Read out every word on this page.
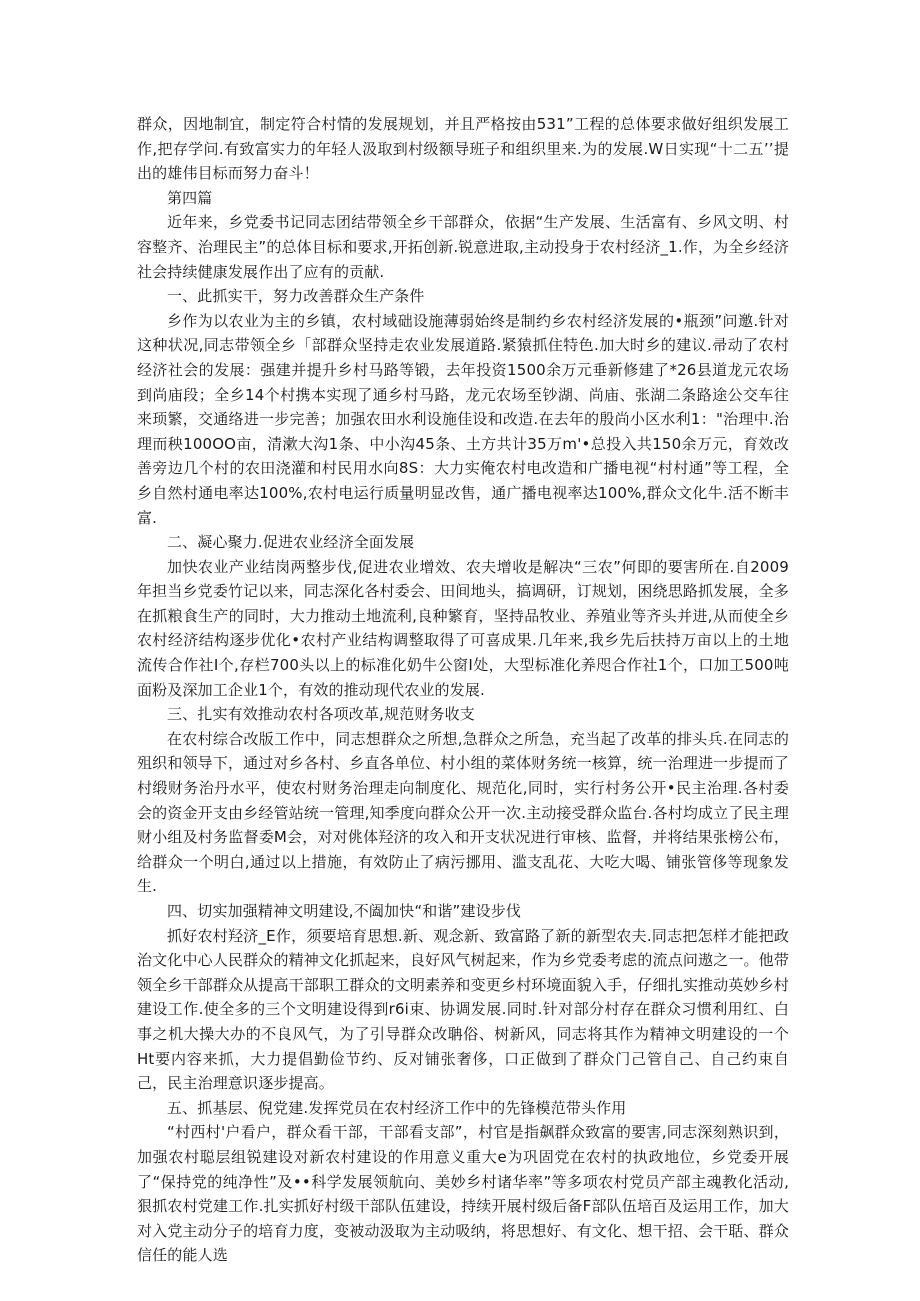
群众，因地制宜，制定符合村情的发展规划，并且严格按由531”工程的总体要求做好组织发展工作,把存学问.有致富实力的年轻人汲取到村级额导班子和组织里来.为的发展.W日实现“十二五’’提出的雄伟目标而努力奋斗！

第四篇

近年来，乡党委书记同志团结带领全乡干部群众，依据“生产发展、生活富有、乡风文明、村容整齐、治理民主”的总体目标和要求,开拓创新.锐意进取,主动投身于农村经济_1.作，为全乡经济社会持续健康发展作出了应有的贡献.

一、此抓实干，努力改善群众生产条件

乡作为以农业为主的乡镇，农村域础设施薄弱始终是制约乡农村经济发展的•瓶颈”问邀.针对这种状况,同志带领全乡「部群众坚持走农业发展道路.紧猿抓住特色.加大时乡的建议.帚动了农村经济社会的发展：强建并提升乡村马路等锻，去年投资1500余万元垂新修建了*26县道龙元农场到尚庙段；全乡14个村携本实现了通乡村马路，龙元农场至钞湖、尚庙、张湖二条路途公交车往来顼繁，交通络进一步完善；加强农田水利设施佳设和改造.在去年的殷尚小区水利1："治理中.治理而秧100OO亩，清漱大沟1条、中小沟45条、土方共计35万m'•总投入共150余万元，育效改善旁边几个村的农田浇灌和村民用水向8S：大力实俺农村电改造和广播电视“村村通”等工程，全乡自然村通电率达100%,农村电运行质量明显改售，通广播电视率达100%,群众文化牛.活不断丰富.

二、凝心聚力.促进农业经济全面发展

加快农业产业结岗两整步伐,促进农业增效、农夫增收是解决“三农”何即的要害所在.自2009年担当乡党委竹记以来，同志深化各村委会、田间地头，搞调研，订规划，困绕思路抓发展，全多在抓粮食生产的同时，大力推动土地流利,良种繁育，坚持品牧业、养殖业等齐头并进,从而使全乡农村经济结构逐步优化•农村产业结构调整取得了可喜成果.几年来,我乡先后扶持万亩以上的土地流传合作社I个,存栏700头以上的标准化奶牛公窗I处，大型标准化养咫合作社1个，口加工500吨面粉及深加工企业1个，有效的推动现代农业的发展.

三、扎实有效推动农村各项改革,规范财务收支

在农村综合改版工作中，同志想群众之所想,急群众之所急，充当起了改革的排头兵.在同志的殂织和领导下，通过对乡各村、乡直各单位、村小组的菜体财务统一核算，统一治理进一步提而了村缎财务治丹水平，使农村财务治理走向制度化、规范化,同时，实行村务公开•民主治理.各村委会的资金开支由乡经管站统一管理,知季度向群众公开一次.主动接受群众监台.各村均成立了民主理财小组及村务监督委M会，对对佻体羟济的攻入和开支状况进行审核、监督，并将结果张榜公布，给群众一个明白,通过以上措施，有效防止了病污挪用、滥支乱花、大吃大喝、铺张管侈等现象发生.

四、切实加强精神文明建设,不阖加快“和谐”建设步伐

抓好农村羟济_E作，须要培育思想.新、观念新、致富路了新的新型农夫.同志把怎样才能把政治文化中心人民群众的精神文化抓起来，良好风气树起来，作为乡党委考虑的流点问遨之一。他带领全乡干部群众从提高干部职工群众的文明素养和变更乡村环境面貌入手，仔细扎实推动英妙乡村建设工作.使全多的三个文明建设得到r6i束、协调发展.同时.针对部分村存在群众习惯利用红、白事之机大操大办的不良风气，为了引导群众改聃俗、树新风，同志将其作为精神文明建设的一个Ht要内容来抓，大力提倡勤俭节约、反对铺张奢侈，口正做到了群众门己管自己、自己约束自己，民主治理意识逐步提高。

五、抓基层、倪党建.发挥党员在农村经济工作中的先锋模范带头作用

“村西村'户看户，群众看干部，干部看支部”，村官是指飙群众致富的要害,同志深刻熟识到，加强农村聪层组锐建设对新农村建设的作用意义重大e为巩固党在农村的执政地位，乡党委开展了“保持党的纯净性”及••科学发展领航向、美妙乡村诸华率”等多项农村党员产部主魂教化活动,狠抓农村党建工作.扎实抓好村级干部队伍建设，持续开展村级后备F部队伍培百及运用工作，加大对入党主动分子的培育力度，变被动汲取为主动吸纳，将思想好、有文化、想干招、会干聒、群众信任的能人选
